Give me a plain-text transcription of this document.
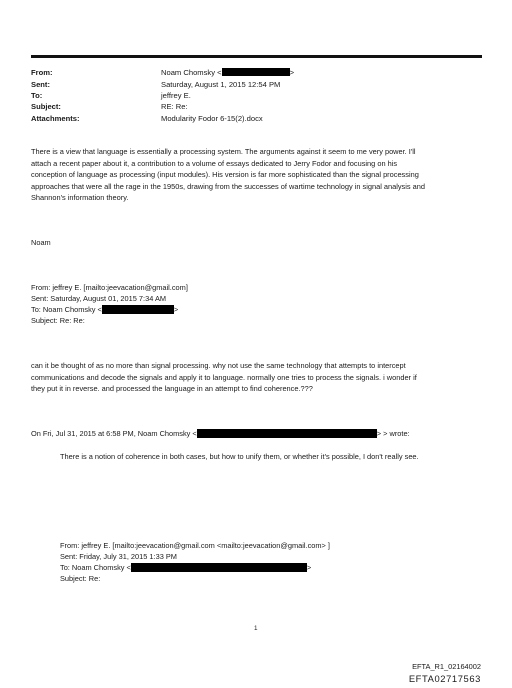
From:	Noam Chomsky <	>
Sent:	Saturday, August 1, 2015 12:54 PM
To:	jeffrey E.
Subject:	RE: Re:
Attachments:	Modularity Fodor 6-15(2).docx
There is a view that language is essentially a processing system. The arguments against it seem to me very power. I'll
attach a recent paper about it, a contribution to a volume of essays dedicated to Jerry Fodor and focusing on his
conception of language as processing (input modules). His version is far more sophisticated than the signal processing
approaches that were all the rage in the 1950s, drawing from the successes of wartime technology in signal analysis and
Shannon's information theory.
Noam
From: jeffrey E. [mailto:jeevacation@gmail.com]
Sent: Saturday, August 01, 2015 7:34 AM
To: Noam Chomsky <	>
Subject: Re: Re:
can it be thought of as no more than signal processing. why not use the same technology that attempts to intercept
communications and decode the signals and apply it to language. normally one tries to process the signals. i wonder if
they put it in reverse. and processed the language in an attempt to find coherence.???
On Fri, Jul 31, 2015 at 6:58 PM, Noam Chomsky <	> > wrote:
There is a notion of coherence in both cases, but how to unify them, or whether it's possible, I don't really see.
From: jeffrey E. [mailto:jeevacation@gmail.com <mailto:jeevacation@gmail.com> ]
Sent: Friday, July 31, 2015 1:33 PM
To: Noam Chomsky <	>
Subject: Re:
1
EFTA_R1_02164002
EFTA02717563
